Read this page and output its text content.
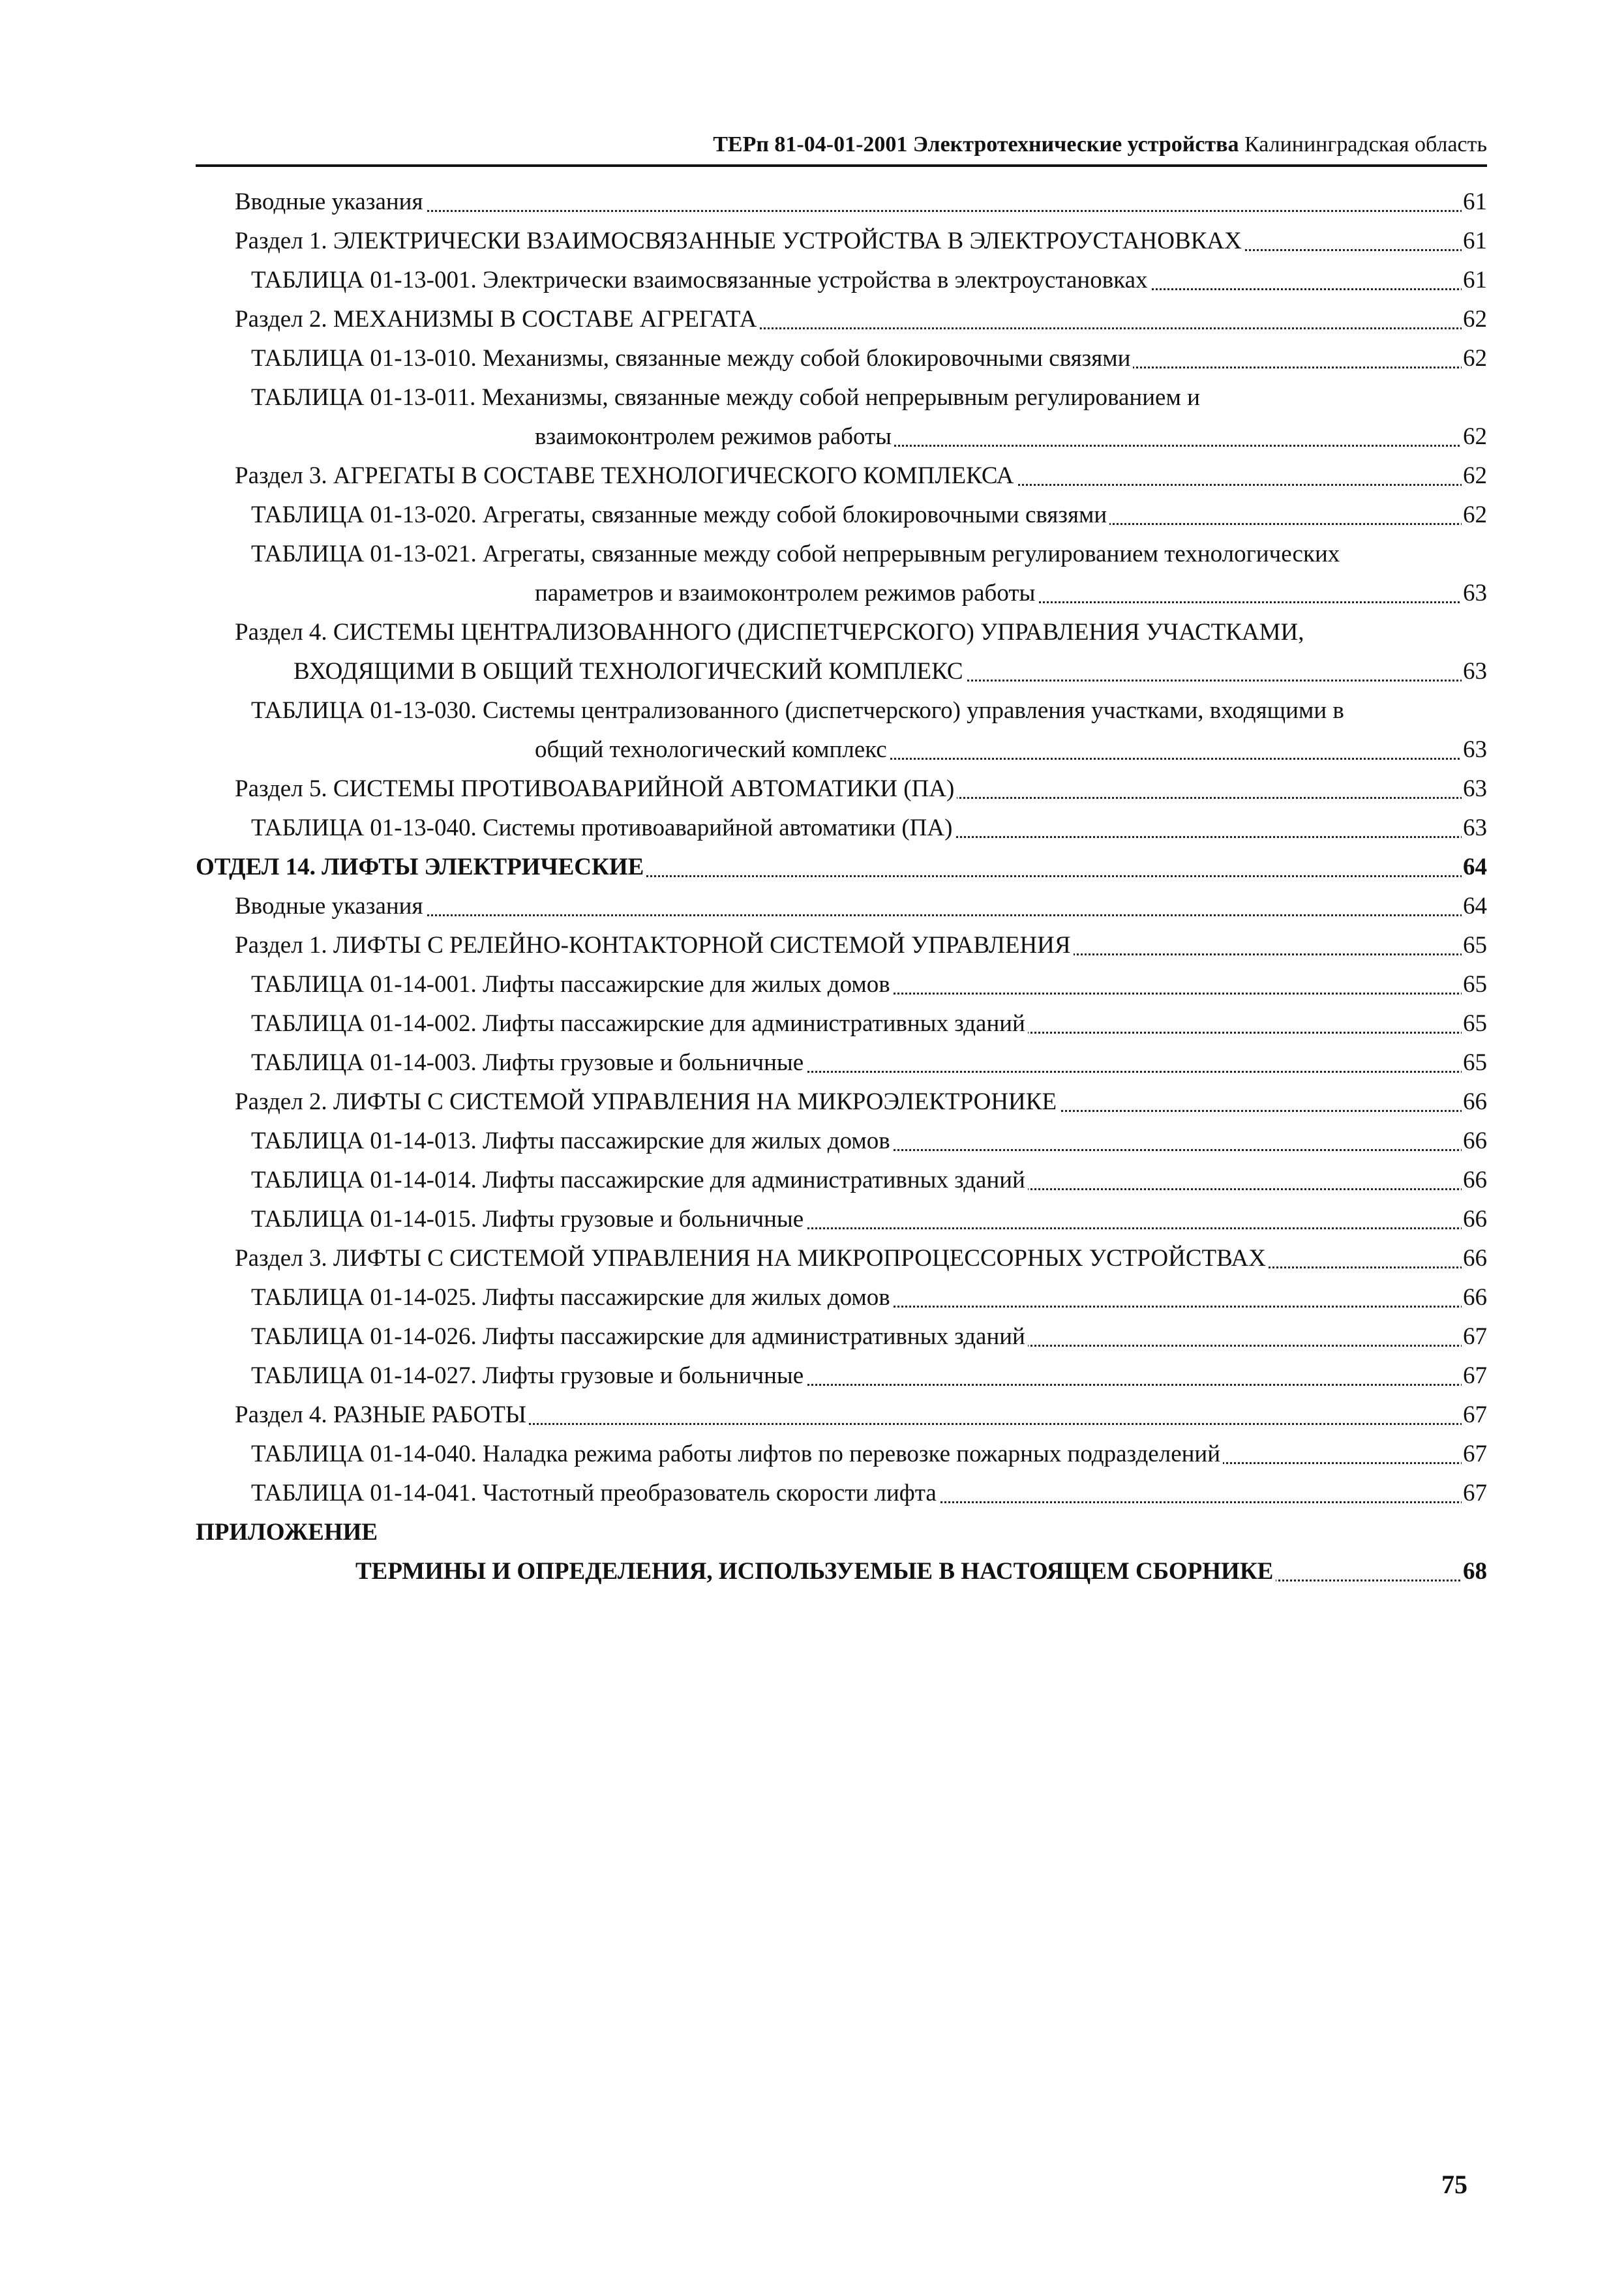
ТЕРп 81-04-01-2001 Электротехнические устройства Калининградская область
Вводные указания	61
Раздел 1. ЭЛЕКТРИЧЕСКИ ВЗАИМОСВЯЗАННЫЕ УСТРОЙСТВА В ЭЛЕКТРОУСТАНОВКАХ	61
ТАБЛИЦА 01-13-001. Электрически взаимосвязанные устройства в электроустановках	61
Раздел 2. МЕХАНИЗМЫ В СОСТАВЕ АГРЕГАТА	62
ТАБЛИЦА 01-13-010. Механизмы, связанные между собой блокировочными связями	62
ТАБЛИЦА 01-13-011. Механизмы, связанные между собой непрерывным регулированием и
взаимоконтролем режимов работы	62
Раздел 3. АГРЕГАТЫ В СОСТАВЕ ТЕХНОЛОГИЧЕСКОГО КОМПЛЕКСА	62
ТАБЛИЦА 01-13-020. Агрегаты, связанные между собой блокировочными связями	62
ТАБЛИЦА 01-13-021. Агрегаты, связанные между собой непрерывным регулированием технологических
параметров и взаимоконтролем режимов работы	63
Раздел 4. СИСТЕМЫ ЦЕНТРАЛИЗОВАННОГО (ДИСПЕТЧЕРСКОГО) УПРАВЛЕНИЯ УЧАСТКАМИ,
ВХОДЯЩИМИ В ОБЩИЙ ТЕХНОЛОГИЧЕСКИЙ КОМПЛЕКС	63
ТАБЛИЦА 01-13-030. Системы централизованного (диспетчерского) управления участками, входящими в
общий технологический комплекс	63
Раздел 5. СИСТЕМЫ ПРОТИВОАВАРИЙНОЙ АВТОМАТИКИ (ПА)	63
ТАБЛИЦА 01-13-040. Системы противоаварийной автоматики (ПА)	63
ОТДЕЛ 14. ЛИФТЫ ЭЛЕКТРИЧЕСКИЕ	64
Вводные указания	64
Раздел 1. ЛИФТЫ С РЕЛЕЙНО-КОНТАКТОРНОЙ СИСТЕМОЙ УПРАВЛЕНИЯ	65
ТАБЛИЦА 01-14-001. Лифты пассажирские для жилых домов	65
ТАБЛИЦА 01-14-002. Лифты пассажирские для административных зданий	65
ТАБЛИЦА 01-14-003. Лифты грузовые и больничные	65
Раздел 2. ЛИФТЫ С СИСТЕМОЙ УПРАВЛЕНИЯ НА МИКРОЭЛЕКТРОНИКЕ	66
ТАБЛИЦА 01-14-013. Лифты пассажирские для жилых домов	66
ТАБЛИЦА 01-14-014. Лифты пассажирские для административных зданий	66
ТАБЛИЦА 01-14-015. Лифты грузовые и больничные	66
Раздел 3. ЛИФТЫ С СИСТЕМОЙ УПРАВЛЕНИЯ НА МИКРОПРОЦЕССОРНЫХ УСТРОЙСТВАХ	66
ТАБЛИЦА 01-14-025. Лифты пассажирские для жилых домов	66
ТАБЛИЦА 01-14-026. Лифты пассажирские для административных зданий	67
ТАБЛИЦА 01-14-027. Лифты грузовые и больничные	67
Раздел 4. РАЗНЫЕ РАБОТЫ	67
ТАБЛИЦА 01-14-040. Наладка режима работы лифтов по перевозке пожарных подразделений	67
ТАБЛИЦА 01-14-041. Частотный преобразователь скорости лифта	67
ПРИЛОЖЕНИЕ
ТЕРМИНЫ И ОПРЕДЕЛЕНИЯ, ИСПОЛЬЗУЕМЫЕ В НАСТОЯЩЕМ СБОРНИКЕ	68
75
